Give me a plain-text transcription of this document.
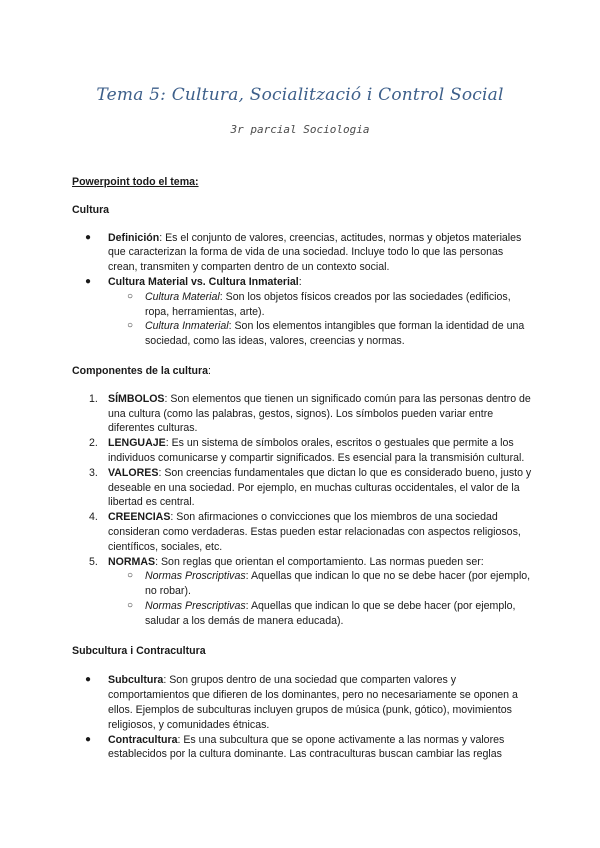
Tema 5: Cultura, Socialització i Control Social
3r parcial Sociologia

Powerpoint todo el tema:

Cultura

● Definición: Es el conjunto de valores, creencias, actitudes, normas y objetos materiales que caracterizan la forma de vida de una sociedad. Incluye todo lo que las personas crean, transmiten y comparten dentro de un contexto social.
● Cultura Material vs. Cultura Inmaterial:
○ Cultura Material: Son los objetos físicos creados por las sociedades (edificios, ropa, herramientas, arte).
○ Cultura Inmaterial: Son los elementos intangibles que forman la identidad de una sociedad, como las ideas, valores, creencias y normas.

Componentes de la cultura:

1. SÍMBOLOS: Son elementos que tienen un significado común para las personas dentro de una cultura (como las palabras, gestos, signos). Los símbolos pueden variar entre diferentes culturas.
2. LENGUAJE: Es un sistema de símbolos orales, escritos o gestuales que permite a los individuos comunicarse y compartir significados. Es esencial para la transmisión cultural.
3. VALORES: Son creencias fundamentales que dictan lo que es considerado bueno, justo y deseable en una sociedad. Por ejemplo, en muchas culturas occidentales, el valor de la libertad es central.
4. CREENCIAS: Son afirmaciones o convicciones que los miembros de una sociedad consideran como verdaderas. Estas pueden estar relacionadas con aspectos religiosos, científicos, sociales, etc.
5. NORMAS: Son reglas que orientan el comportamiento. Las normas pueden ser:
○ Normas Proscriptivas: Aquellas que indican lo que no se debe hacer (por ejemplo, no robar).
○ Normas Prescriptivas: Aquellas que indican lo que se debe hacer (por ejemplo, saludar a los demás de manera educada).

Subcultura i Contracultura

● Subcultura: Son grupos dentro de una sociedad que comparten valores y comportamientos que difieren de los dominantes, pero no necesariamente se oponen a ellos. Ejemplos de subculturas incluyen grupos de música (punk, gótico), movimientos religiosos, y comunidades étnicas.
● Contracultura: Es una subcultura que se opone activamente a las normas y valores establecidos por la cultura dominante. Las contraculturas buscan cambiar las reglas
